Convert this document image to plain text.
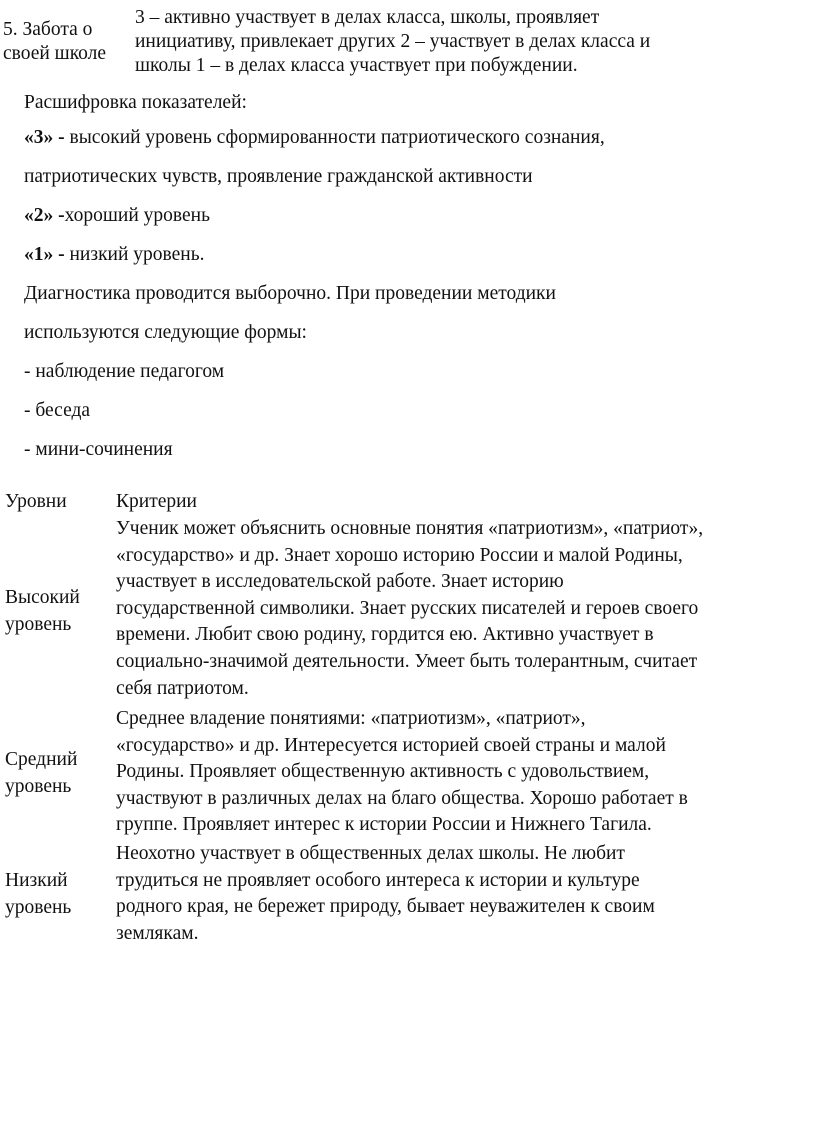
5. Забота о
своей школе
3 – активно участвует в делах класса, школы, проявляет
инициативу, привлекает других 2 – участвует в делах класса и
школы 1 – в делах класса участвует при побуждении.
Расшифровка показателей:
«3» - высокий уровень сформированности патриотического сознания,
патриотических чувств, проявление гражданской активности
«2» -хороший уровень
«1» - низкий уровень.
Диагностика проводится выборочно. При проведении методики
используются следующие формы:
- наблюдение педагогом
- беседа
- мини-сочинения
Уровни	Критерии
Высокий
уровень
Ученик может объяснить основные понятия «патриотизм», «патриот»,
«государство» и др. Знает хорошо историю России и малой Родины,
участвует в исследовательской работе. Знает историю
государственной символики. Знает русских писателей и героев своего
времени. Любит свою родину, гордится ею. Активно участвует в
социально-значимой деятельности. Умеет быть толерантным, считает
себя патриотом.
Средний
уровень
Среднее владение понятиями: «патриотизм», «патриот»,
«государство» и др. Интересуется историей своей страны и малой
Родины. Проявляет общественную активность с удовольствием,
участвуют в различных делах на благо общества. Хорошо работает в
группе. Проявляет интерес к истории России и Нижнего Тагила.
Низкий
уровень
Неохотно участвует в общественных делах школы. Не любит
трудиться не проявляет особого интереса к истории и культуре
родного края, не бережет природу, бывает неуважителен к своим
землякам.
